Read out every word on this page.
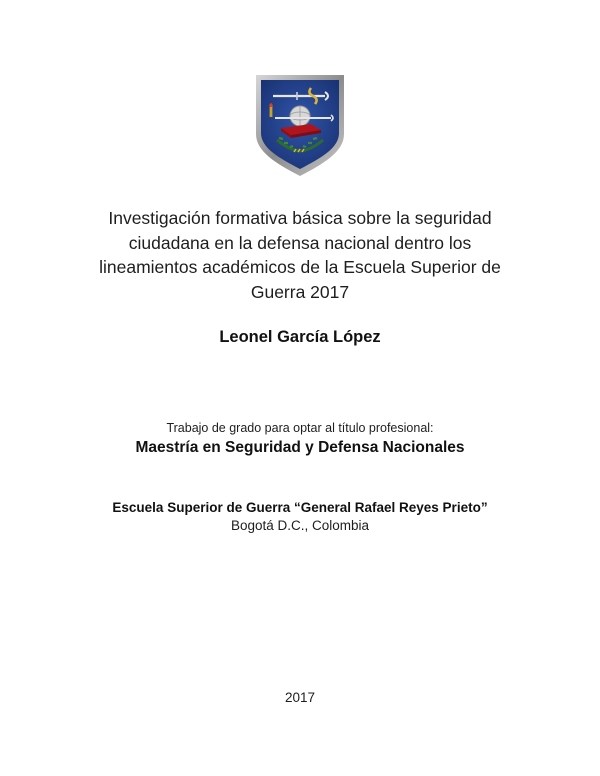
Investigación formativa básica sobre la seguridad ciudadana en la defensa nacional dentro los lineamientos académicos de la Escuela Superior de Guerra 2017
Leonel García López
Trabajo de grado para optar al título profesional:
Maestría en Seguridad y Defensa Nacionales
Escuela Superior de Guerra “General Rafael Reyes Prieto”
Bogotá D.C., Colombia
2017
